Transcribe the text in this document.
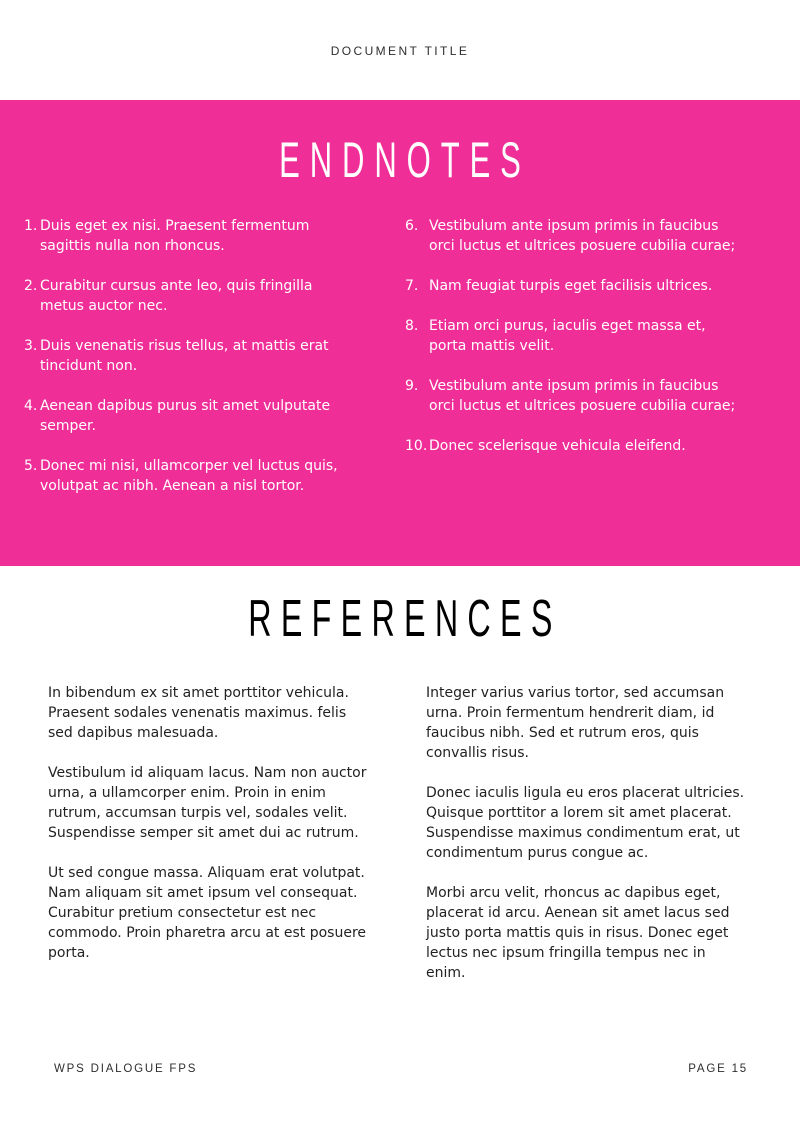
DOCUMENT TITLE
ENDNOTES
1. Duis eget ex nisi. Praesent fermentum sagittis nulla non rhoncus.
2. Curabitur cursus ante leo, quis fringilla metus auctor nec.
3. Duis venenatis risus tellus, at mattis erat tincidunt non.
4. Aenean dapibus purus sit amet vulputate semper.
5. Donec mi nisi, ullamcorper vel luctus quis, volutpat ac nibh. Aenean a nisl tortor.
6. Vestibulum ante ipsum primis in faucibus orci luctus et ultrices posuere cubilia curae;
7. Nam feugiat turpis eget facilisis ultrices.
8. Etiam orci purus, iaculis eget massa et, porta mattis velit.
9. Vestibulum ante ipsum primis in faucibus orci luctus et ultrices posuere cubilia curae;
10. Donec scelerisque vehicula eleifend.
REFERENCES

In bibendum ex sit amet porttitor vehicula. Praesent sodales venenatis maximus. felis sed dapibus malesuada.

Vestibulum id aliquam lacus. Nam non auctor urna, a ullamcorper enim. Proin in enim rutrum, accumsan turpis vel, sodales velit. Suspendisse semper sit amet dui ac rutrum.

Ut sed congue massa. Aliquam erat volutpat. Nam aliquam sit amet ipsum vel consequat. Curabitur pretium consectetur est nec commodo. Proin pharetra arcu at est posuere porta.

Integer varius varius tortor, sed accumsan urna. Proin fermentum hendrerit diam, id faucibus nibh. Sed et rutrum eros, quis convallis risus.

Donec iaculis ligula eu eros placerat ultricies. Quisque porttitor a lorem sit amet placerat. Suspendisse maximus condimentum erat, ut condimentum purus congue ac.

Morbi arcu velit, rhoncus ac dapibus eget, placerat id arcu. Aenean sit amet lacus sed justo porta mattis quis in risus. Donec eget lectus nec ipsum fringilla tempus nec in enim.

WPS DIALOGUE FPS	PAGE 15
